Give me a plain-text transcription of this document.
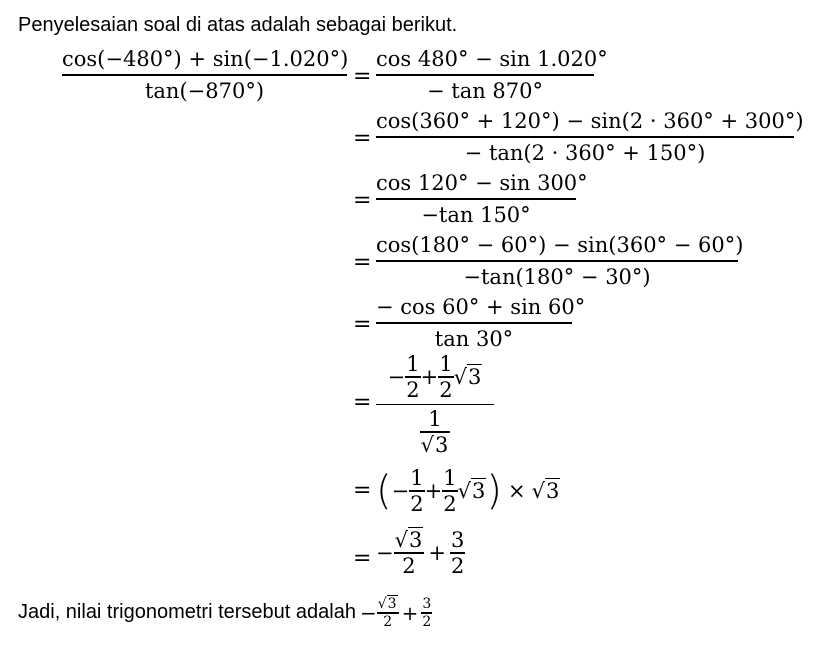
Penyelesaian soal di atas adalah sebagai berikut.
cos(−480°) + sin(−1.020°)
tan(−870°)
=
cos 480° − sin 1.020°
− tan 870°
=
cos(360° + 120°) − sin(2 · 360° + 300°)
− tan(2 · 360° + 150°)
=
cos 120° − sin 300°
−tan 150°
=
cos(180° − 60°) − sin(360° − 60°)
−tan(180° − 30°)
=
− cos 60° + sin 60°
tan 30°
=
−
1
2
+
1
2
√3
1
√3
= ( −
1
2
+
1
2
√3 ) × √3
= −
√3
2
+
3
2
Jadi, nilai trigonometri tersebut adalah − √3
2 + 3
2
